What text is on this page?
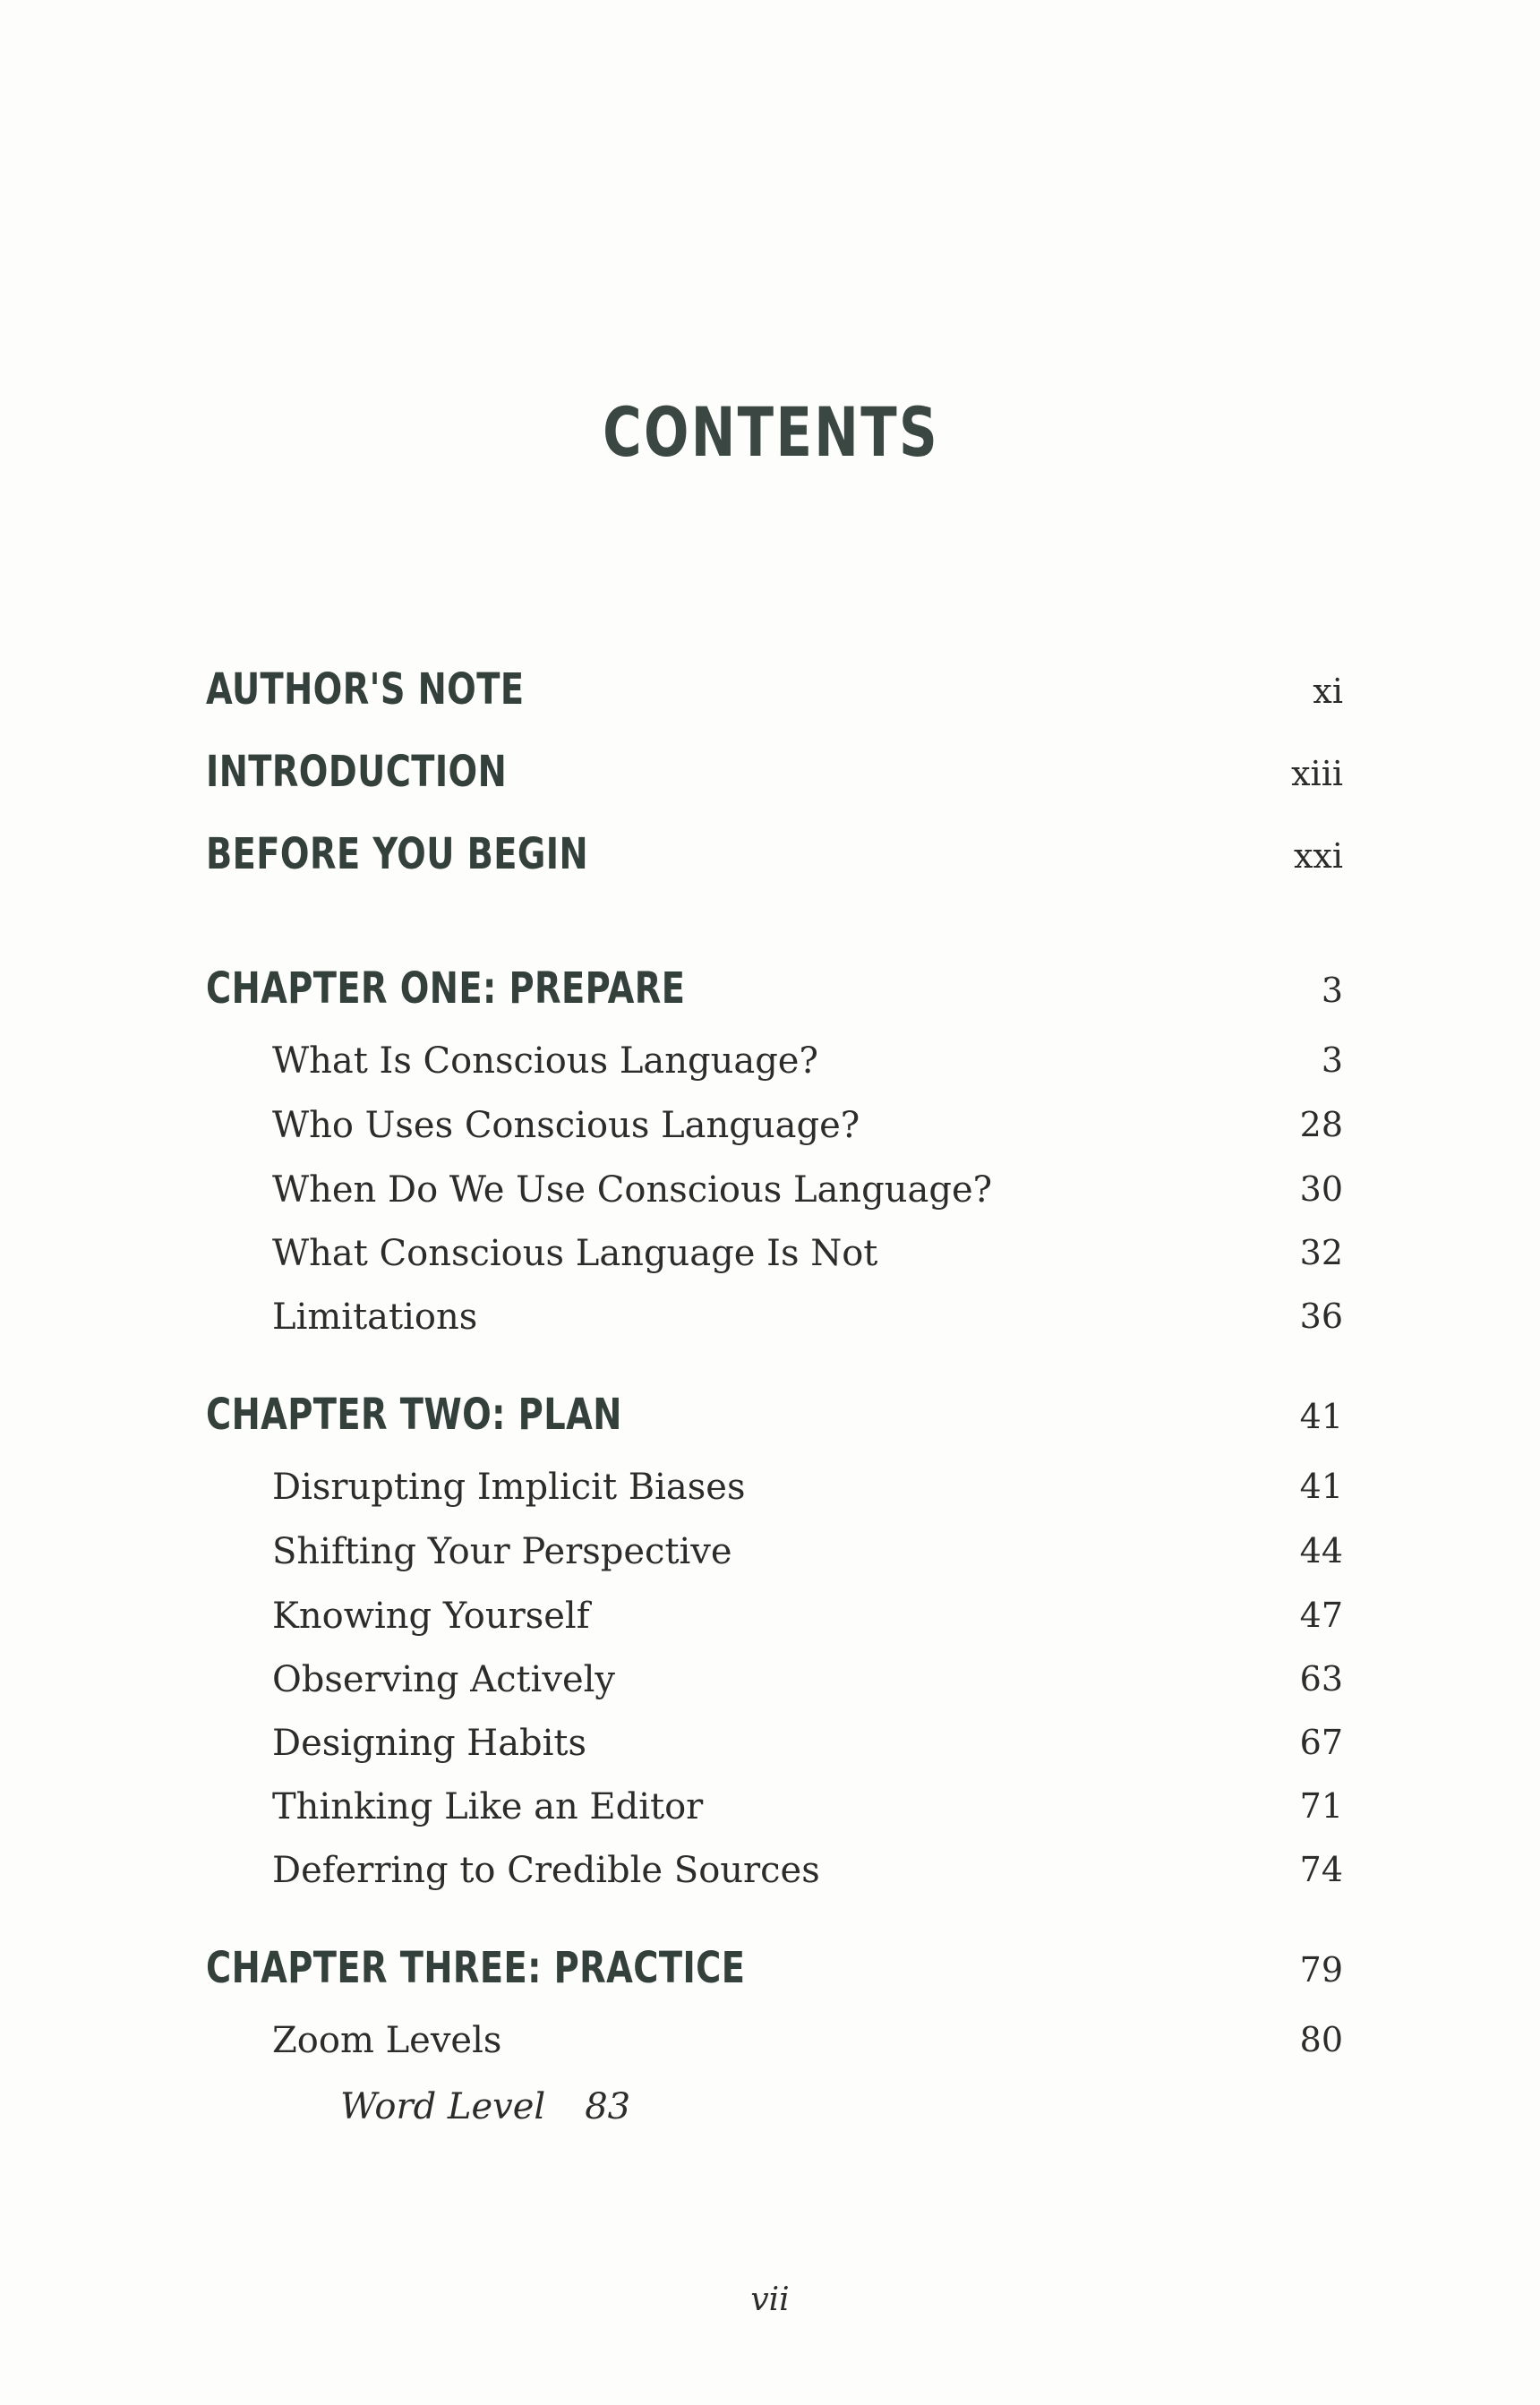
CONTENTS
AUTHOR'S NOTE	xi
INTRODUCTION	xiii
BEFORE YOU BEGIN	xxi
CHAPTER ONE: PREPARE	3
What Is Conscious Language?	3
Who Uses Conscious Language?	28
When Do We Use Conscious Language?	30
What Conscious Language Is Not	32
Limitations	36
CHAPTER TWO: PLAN	41
Disrupting Implicit Biases	41
Shifting Your Perspective	44
Knowing Yourself	47
Observing Actively	63
Designing Habits	67
Thinking Like an Editor	71
Deferring to Credible Sources	74
CHAPTER THREE: PRACTICE	79
Zoom Levels	80
Word Level 83
vii
